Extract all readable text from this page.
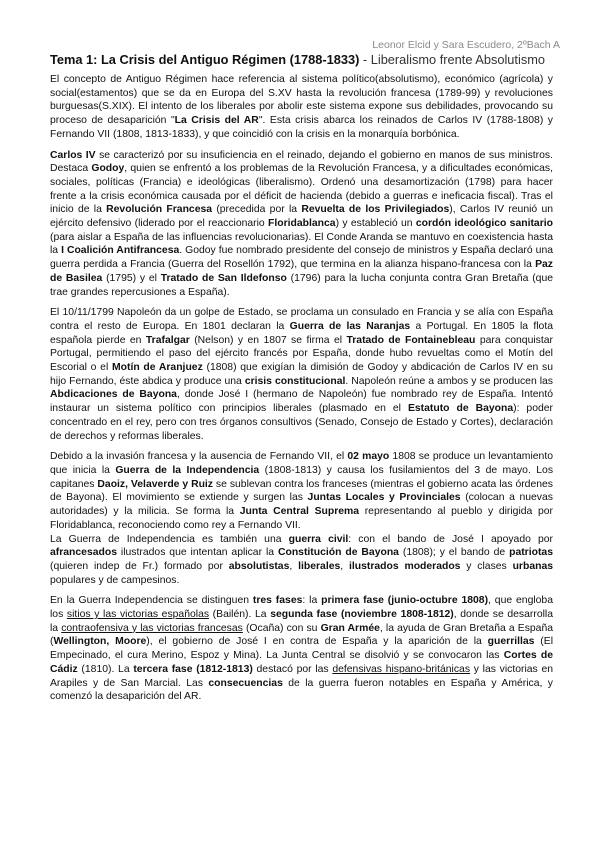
Leonor Elcid y Sara Escudero, 2ºBach A
Tema 1: La Crisis del Antiguo Régimen (1788-1833) - Liberalismo frente Absolutismo

El concepto de Antiguo Régimen hace referencia al sistema político(absolutismo), económico (agrícola) y social(estamentos) que se da en Europa del S.XV hasta la revolución francesa (1789-99) y revoluciones burguesas(S.XIX). El intento de los liberales por abolir este sistema expone sus debilidades, provocando su proceso de desaparición "La Crisis del AR". Esta crisis abarca los reinados de Carlos IV (1788-1808) y Fernando VII (1808, 1813-1833), y que coincidió con la crisis en la monarquía borbónica.

Carlos IV se caracterizó por su insuficiencia en el reinado, dejando el gobierno en manos de sus ministros. Destaca Godoy, quien se enfrentó a los problemas de la Revolución Francesa, y a dificultades económicas, sociales, políticas (Francia) e ideológicas (liberalismo). Ordenó una desamortización (1798) para hacer frente a la crisis económica causada por el déficit de hacienda (debido a guerras e ineficacia fiscal). Tras el inicio de la Revolución Francesa (precedida por la Revuelta de los Privilegiados), Carlos IV reunió un ejército defensivo (liderado por el reaccionario Floridablanca) y estableció un cordón ideológico sanitario (para aislar a España de las influencias revolucionarias). El Conde Aranda se mantuvo en coexistencia hasta la I Coalición Antifrancesa. Godoy fue nombrado presidente del consejo de ministros y España declaró una guerra perdida a Francia (Guerra del Rosellón 1792), que termina en la alianza hispano-francesa con la Paz de Basilea (1795) y el Tratado de San Ildefonso (1796) para la lucha conjunta contra Gran Bretaña (que trae grandes repercusiones a España).

El 10/11/1799 Napoleón da un golpe de Estado, se proclama un consulado en Francia y se alía con España contra el resto de Europa. En 1801 declaran la Guerra de las Naranjas a Portugal. En 1805 la flota española pierde en Trafalgar (Nelson) y en 1807 se firma el Tratado de Fontainebleau para conquistar Portugal, permitiendo el paso del ejército francés por España, donde hubo revueltas como el Motín del Escorial o el Motín de Aranjuez (1808) que exigían la dimisión de Godoy y abdicación de Carlos IV en su hijo Fernando, éste abdica y produce una crisis constitucional. Napoleón reúne a ambos y se producen las Abdicaciones de Bayona, donde José I (hermano de Napoleón) fue nombrado rey de España. Intentó instaurar un sistema político con principios liberales (plasmado en el Estatuto de Bayona): poder concentrado en el rey, pero con tres órganos consultivos (Senado, Consejo de Estado y Cortes), declaración de derechos y reformas liberales.

Debido a la invasión francesa y la ausencia de Fernando VII, el 02 mayo 1808 se produce un levantamiento que inicia la Guerra de la Independencia (1808-1813) y causa los fusilamientos del 3 de mayo. Los capitanes Daoiz, Velaverde y Ruiz se sublevan contra los franceses (mientras el gobierno acata las órdenes de Bayona). El movimiento se extiende y surgen las Juntas Locales y Provinciales (colocan a nuevas autoridades) y la milicia. Se forma la Junta Central Suprema representando al pueblo y dirigida por Floridablanca, reconociendo como rey a Fernando VII.

La Guerra de Independencia es también una guerra civil: con el bando de José I apoyado por afrancesados ilustrados que intentan aplicar la Constitución de Bayona (1808); y el bando de patriotas (quieren indep de Fr.) formado por absolutistas, liberales, ilustrados moderados y clases urbanas populares y de campesinos.

En la Guerra Independencia se distinguen tres fases: la primera fase (junio-octubre 1808), que engloba los sitios y las victorias españolas (Bailén). La segunda fase (noviembre 1808-1812), donde se desarrolla la contraofensiva y las victorias francesas (Ocaña) con su Gran Armée, la ayuda de Gran Bretaña a España (Wellington, Moore), el gobierno de José I en contra de España y la aparición de la guerrillas (El Empecinado, el cura Merino, Espoz y Mina). La Junta Central se disolvió y se convocaron las Cortes de Cádiz (1810). La tercera fase (1812-1813) destacó por las defensivas hispano-británicas y las victorias en Arapiles y de San Marcial. Las consecuencias de la guerra fueron notables en España y América, y comenzó la desaparición del AR.
